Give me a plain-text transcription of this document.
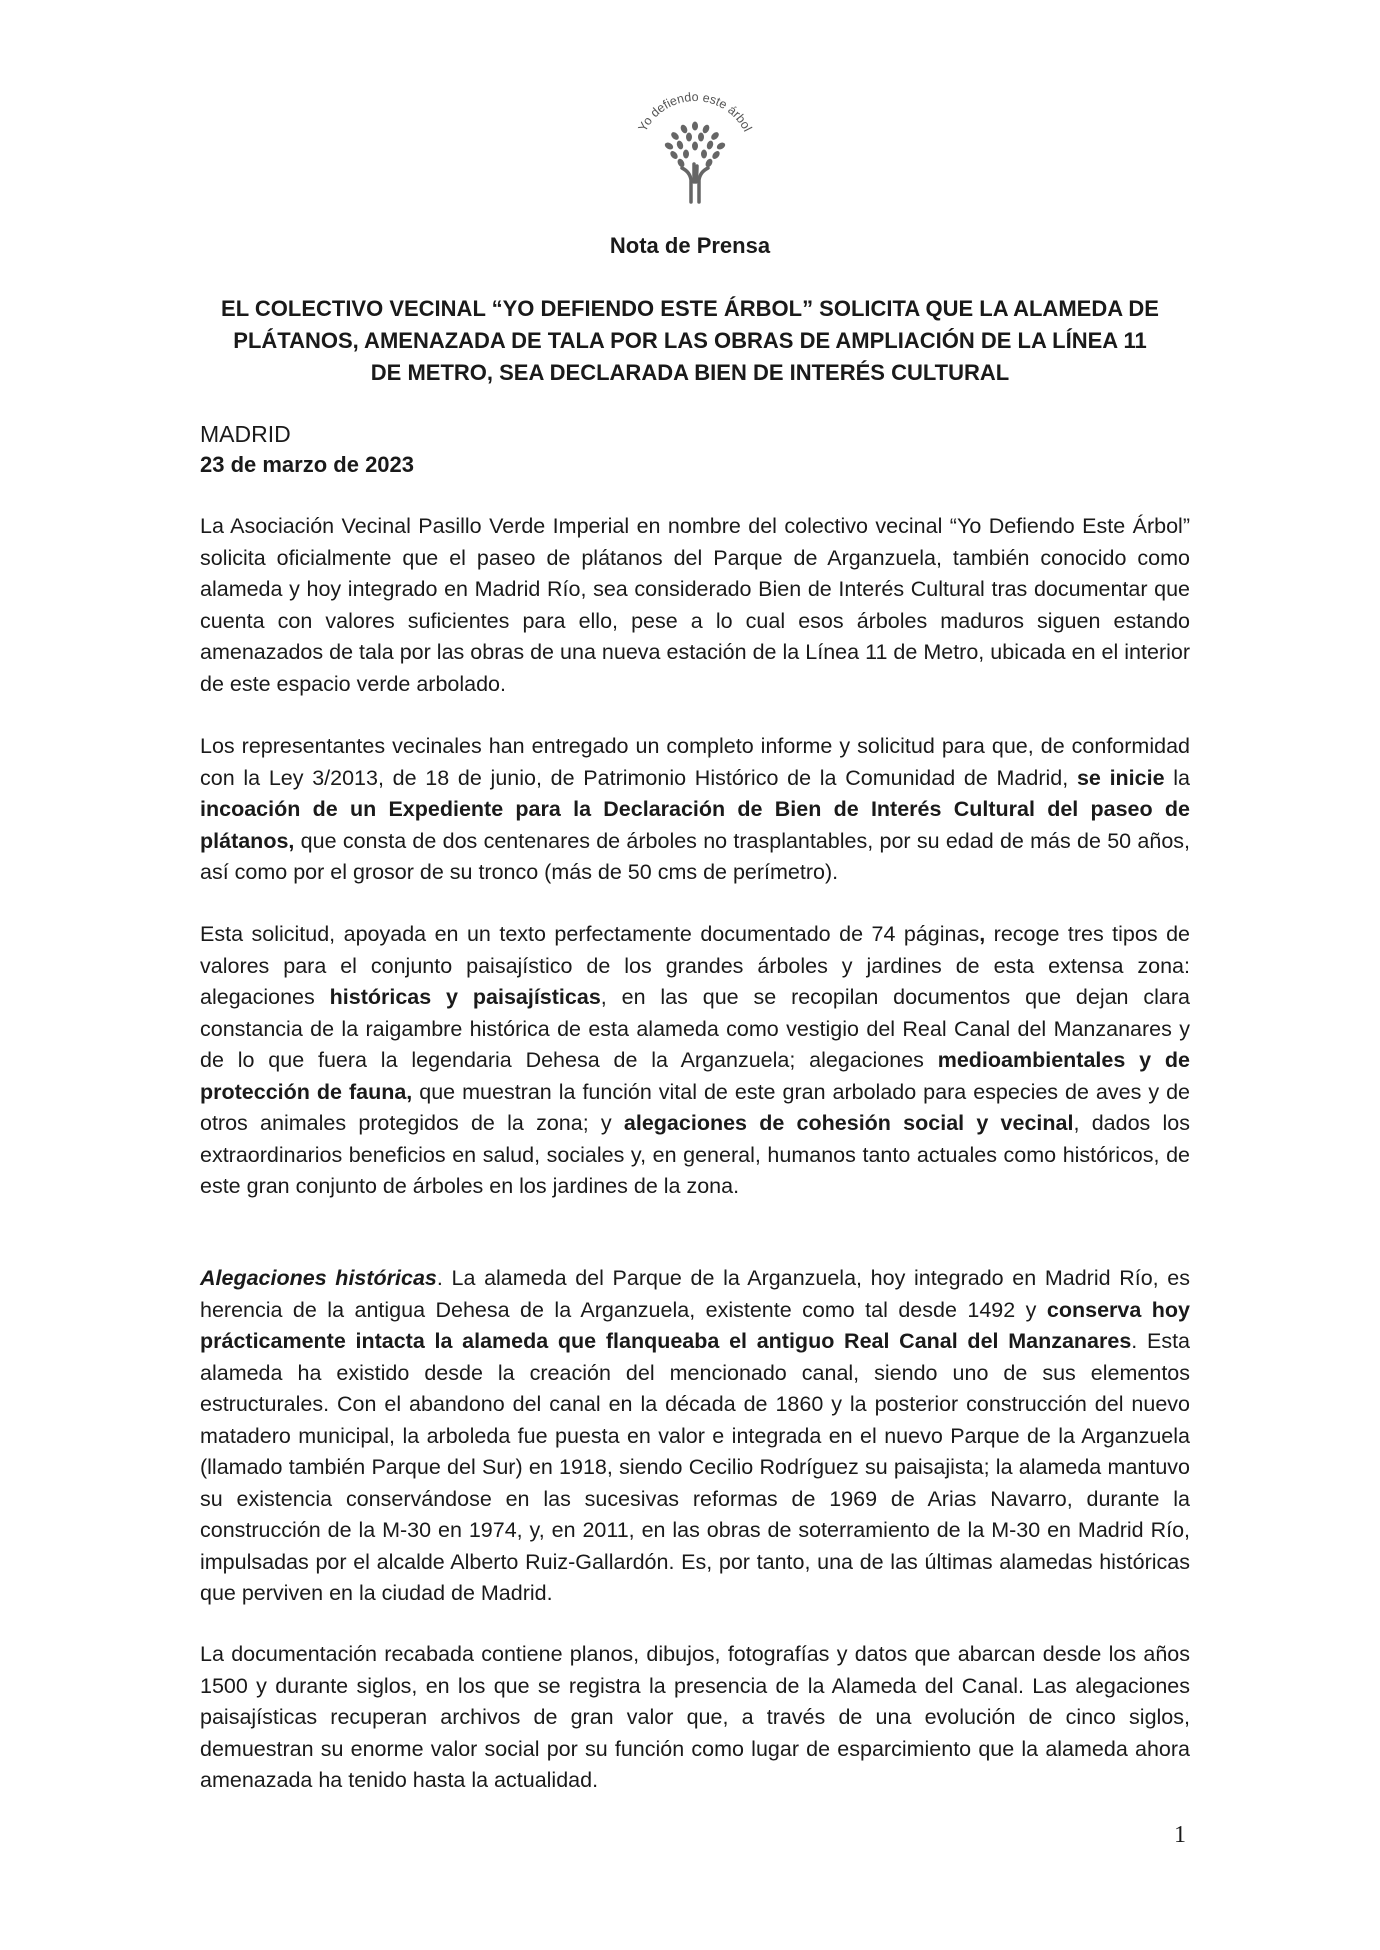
Yo defiendo este árbol
Nota de Prensa
EL COLECTIVO VECINAL “YO DEFIENDO ESTE ÁRBOL” SOLICITA QUE LA ALAMEDA DE PLÁTANOS, AMENAZADA DE TALA POR LAS OBRAS DE AMPLIACIÓN DE LA LÍNEA 11 DE METRO, SEA DECLARADA BIEN DE INTERÉS CULTURAL
MADRID
23 de marzo de 2023

La Asociación Vecinal Pasillo Verde Imperial en nombre del colectivo vecinal “Yo Defiendo Este Árbol” solicita oficialmente que el paseo de plátanos del Parque de Arganzuela, también conocido como alameda y hoy integrado en Madrid Río, sea considerado Bien de Interés Cultural tras documentar que cuenta con valores suficientes para ello, pese a lo cual esos árboles maduros siguen estando amenazados de tala por las obras de una nueva estación de la Línea 11 de Metro, ubicada en el interior de este espacio verde arbolado.

Los representantes vecinales han entregado un completo informe y solicitud para que, de conformidad con la Ley 3/2013, de 18 de junio, de Patrimonio Histórico de la Comunidad de Madrid, se inicie la incoación de un Expediente para la Declaración de Bien de Interés Cultural del paseo de plátanos, que consta de dos centenares de árboles no trasplantables, por su edad de más de 50 años, así como por el grosor de su tronco (más de 50 cms de perímetro).

Esta solicitud, apoyada en un texto perfectamente documentado de 74 páginas, recoge tres tipos de valores para el conjunto paisajístico de los grandes árboles y jardines de esta extensa zona: alegaciones históricas y paisajísticas, en las que se recopilan documentos que dejan clara constancia de la raigambre histórica de esta alameda como vestigio del Real Canal del Manzanares y de lo que fuera la legendaria Dehesa de la Arganzuela; alegaciones medioambientales y de protección de fauna, que muestran la función vital de este gran arbolado para especies de aves y de otros animales protegidos de la zona; y alegaciones de cohesión social y vecinal, dados los extraordinarios beneficios en salud, sociales y, en general, humanos tanto actuales como históricos, de este gran conjunto de árboles en los jardines de la zona.

Alegaciones históricas. La alameda del Parque de la Arganzuela, hoy integrado en Madrid Río, es herencia de la antigua Dehesa de la Arganzuela, existente como tal desde 1492 y conserva hoy prácticamente intacta la alameda que flanqueaba el antiguo Real Canal del Manzanares. Esta alameda ha existido desde la creación del mencionado canal, siendo uno de sus elementos estructurales. Con el abandono del canal en la década de 1860 y la posterior construcción del nuevo matadero municipal, la arboleda fue puesta en valor e integrada en el nuevo Parque de la Arganzuela (llamado también Parque del Sur) en 1918, siendo Cecilio Rodríguez su paisajista; la alameda mantuvo su existencia conservándose en las sucesivas reformas de 1969 de Arias Navarro, durante la construcción de la M-30 en 1974, y, en 2011, en las obras de soterramiento de la M-30 en Madrid Río, impulsadas por el alcalde Alberto Ruiz-Gallardón. Es, por tanto, una de las últimas alamedas históricas que perviven en la ciudad de Madrid.

La documentación recabada contiene planos, dibujos, fotografías y datos que abarcan desde los años 1500 y durante siglos, en los que se registra la presencia de la Alameda del Canal. Las alegaciones paisajísticas recuperan archivos de gran valor que, a través de una evolución de cinco siglos, demuestran su enorme valor social por su función como lugar de esparcimiento que la alameda ahora amenazada ha tenido hasta la actualidad.

1
